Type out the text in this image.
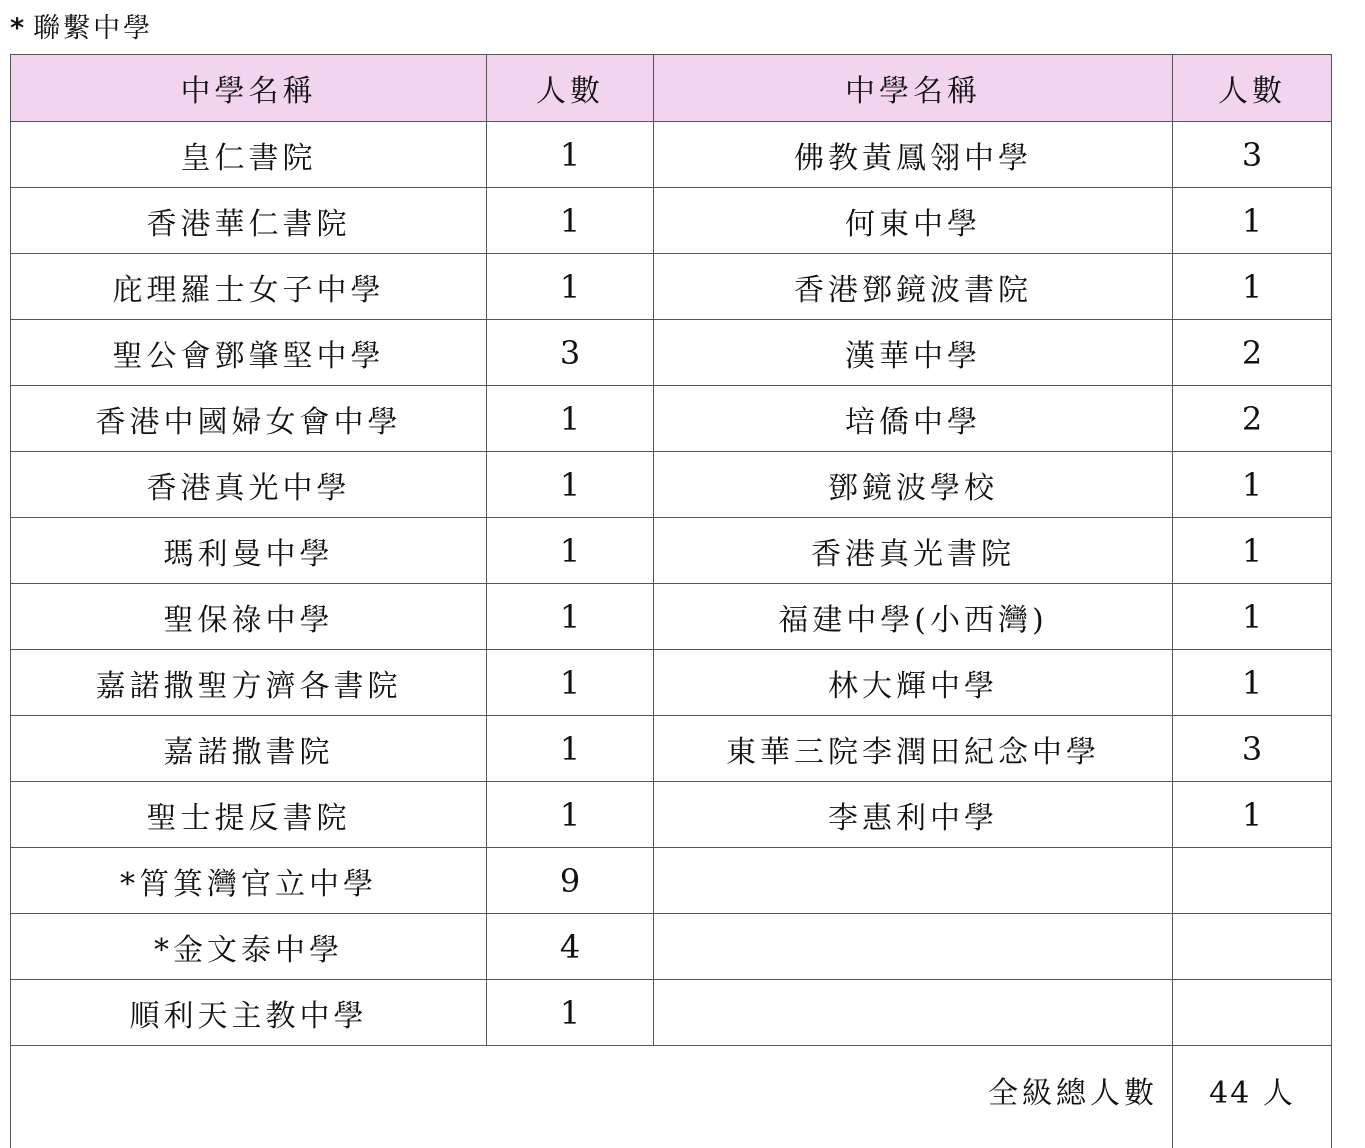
* 聯繫中學
中學名稱	人數	中學名稱	人數
皇仁書院	1	佛教黃鳳翎中學	3
香港華仁書院	1	何東中學	1
庇理羅士女子中學	1	香港鄧鏡波書院	1
聖公會鄧肇堅中學	3	漢華中學	2
香港中國婦女會中學	1	培僑中學	2
香港真光中學	1	鄧鏡波學校	1
瑪利曼中學	1	香港真光書院	1
聖保祿中學	1	福建中學(小西灣)	1
嘉諾撒聖方濟各書院	1	林大輝中學	1
嘉諾撒書院	1	東華三院李潤田紀念中學	3
聖士提反書院	1	李惠利中學	1
*筲箕灣官立中學	9		
*金文泰中學	4		
順利天主教中學	1		
全級總人數			44 人
